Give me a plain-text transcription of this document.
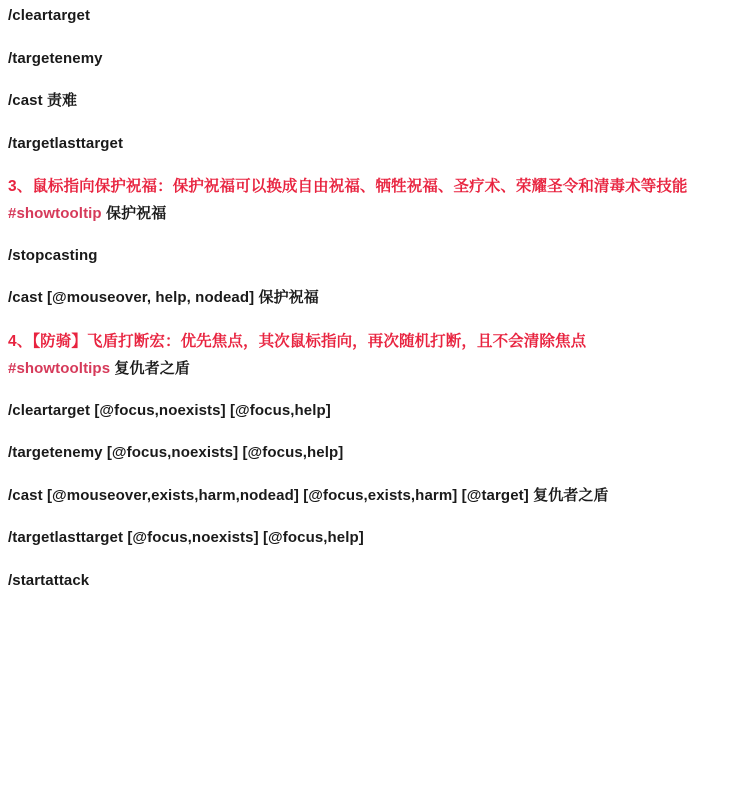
/cleartarget
/targetenemy
/cast 责难
/targetlasttarget
3、鼠标指向保护祝福：保护祝福可以换成自由祝福、牺牲祝福、圣疗术、荣耀圣令和清毒术等技能
#showtooltip 保护祝福
/stopcasting
/cast [@mouseover, help, nodead] 保护祝福
4、【防骑】飞盾打断宏：优先焦点，其次鼠标指向，再次随机打断，且不会清除焦点
#showtooltips 复仇者之盾
/cleartarget [@focus,noexists] [@focus,help]
/targetenemy [@focus,noexists] [@focus,help]
/cast [@mouseover,exists,harm,nodead] [@focus,exists,harm] [@target] 复仇者之盾
/targetlasttarget [@focus,noexists] [@focus,help]
/startattack
